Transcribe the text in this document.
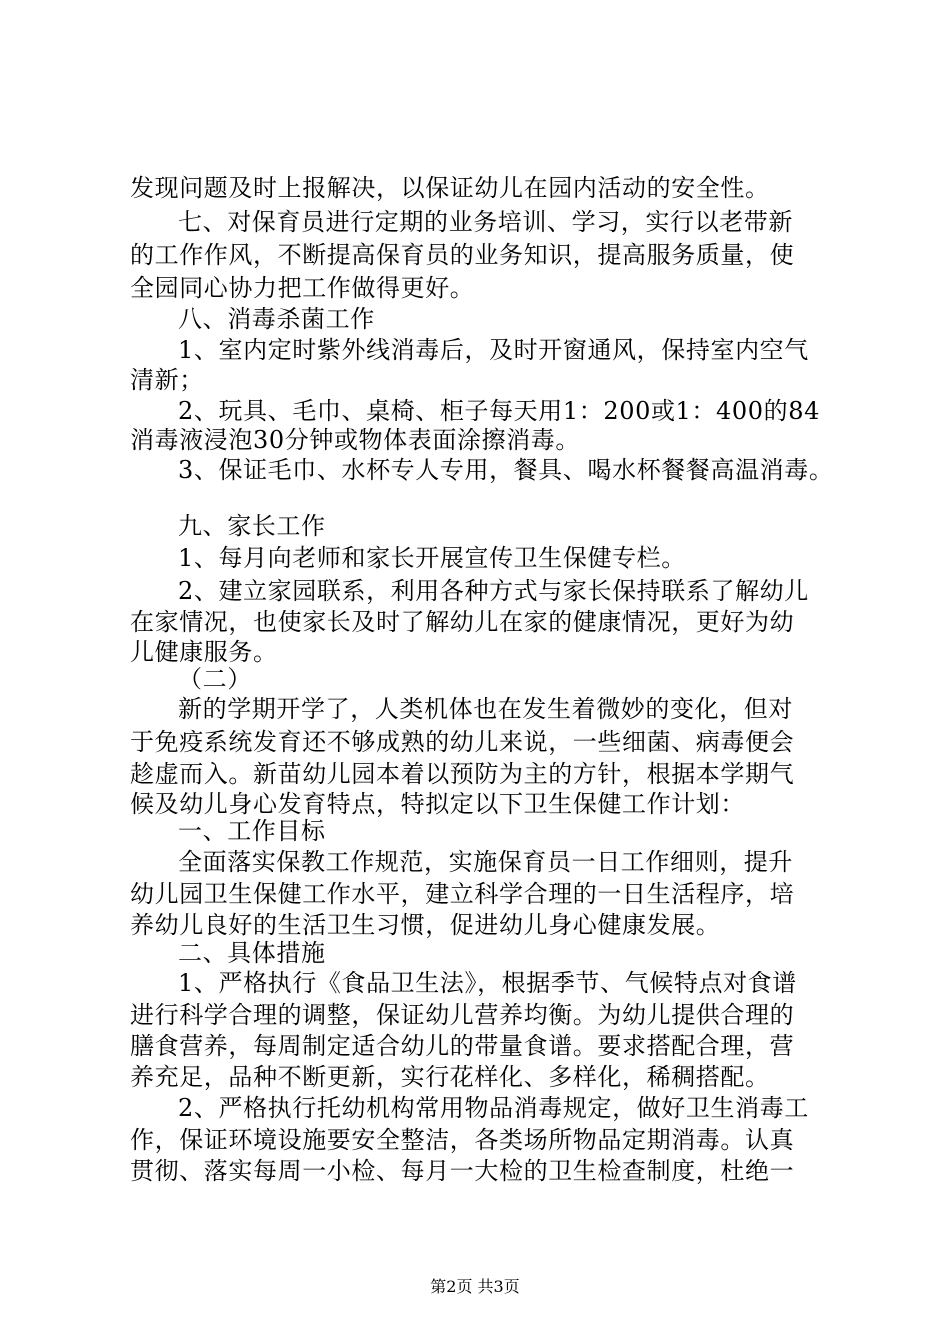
发现问题及时上报解决，以保证幼儿在园内活动的安全性。
七、对保育员进行定期的业务培训、学习，实行以老带新
的工作作风，不断提高保育员的业务知识，提高服务质量，使
全园同心协力把工作做得更好。
八、消毒杀菌工作
1、室内定时紫外线消毒后，及时开窗通风，保持室内空气
清新；
2、玩具、毛巾、桌椅、柜子每天用1：200或1：400的84
消毒液浸泡30分钟或物体表面涂擦消毒。
3、保证毛巾、水杯专人专用，餐具、喝水杯餐餐高温消毒。
九、家长工作
1、每月向老师和家长开展宣传卫生保健专栏。
2、建立家园联系，利用各种方式与家长保持联系了解幼儿
在家情况，也使家长及时了解幼儿在家的健康情况，更好为幼
儿健康服务。
（二）
新的学期开学了，人类机体也在发生着微妙的变化，但对
于免疫系统发育还不够成熟的幼儿来说，一些细菌、病毒便会
趁虚而入。新苗幼儿园本着以预防为主的方针，根据本学期气
候及幼儿身心发育特点，特拟定以下卫生保健工作计划：
一、工作目标
全面落实保教工作规范，实施保育员一日工作细则，提升
幼儿园卫生保健工作水平，建立科学合理的一日生活程序，培
养幼儿良好的生活卫生习惯，促进幼儿身心健康发展。
二、具体措施
1、严格执行《食品卫生法》，根据季节、气候特点对食谱
进行科学合理的调整，保证幼儿营养均衡。为幼儿提供合理的
膳食营养，每周制定适合幼儿的带量食谱。要求搭配合理，营
养充足，品种不断更新，实行花样化、多样化，稀稠搭配。
2、严格执行托幼机构常用物品消毒规定，做好卫生消毒工
作，保证环境设施要安全整洁，各类场所物品定期消毒。认真
贯彻、落实每周一小检、每月一大检的卫生检查制度，杜绝一
第2页 共3页
